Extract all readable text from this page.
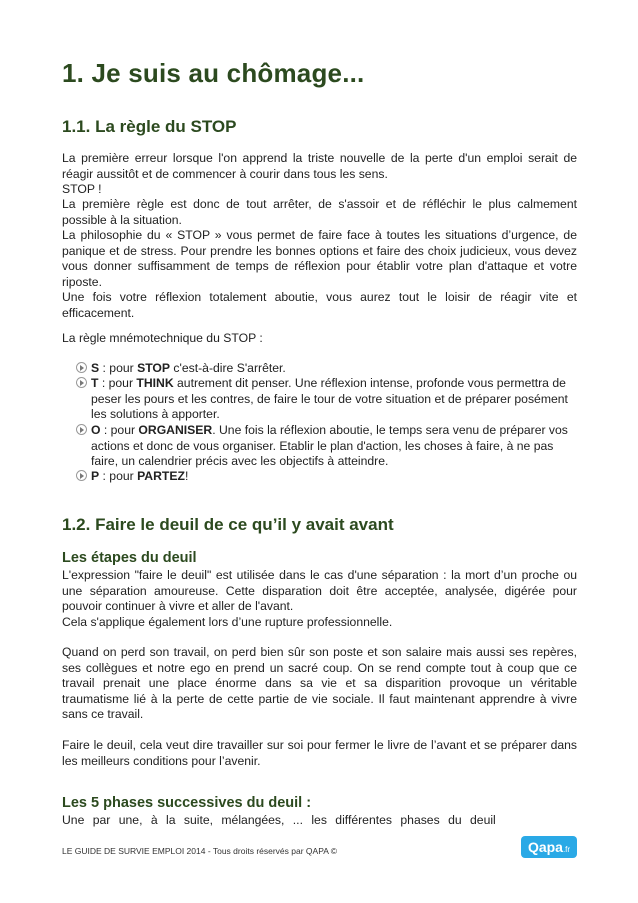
1. Je suis au chômage...
1.1. La règle du STOP
La première erreur lorsque l'on apprend la triste nouvelle de la perte d'un emploi serait de réagir aussitôt et de commencer à courir dans tous les sens.
STOP !
La première règle est donc de tout arrêter, de s'assoir et de réfléchir le plus calmement possible à la situation.
La philosophie du « STOP » vous permet de faire face à toutes les situations d’urgence, de panique et de stress. Pour prendre les bonnes options et faire des choix judicieux, vous devez vous donner suffisamment de temps de réflexion pour établir votre plan d'attaque et votre riposte.
Une fois votre réflexion totalement aboutie, vous aurez tout le loisir de réagir vite et efficacement.
La règle mnémotechnique du STOP :
S : pour STOP c'est-à-dire S'arrêter.
T : pour THINK autrement dit penser. Une réflexion intense, profonde vous permettra de peser les pours et les contres, de faire le tour de votre situation et de préparer posément les solutions à apporter.
O : pour ORGANISER. Une fois la réflexion aboutie, le temps sera venu de préparer vos actions et donc de vous organiser. Etablir le plan d'action, les choses à faire, à ne pas faire, un calendrier précis avec les objectifs à atteindre.
P : pour PARTEZ!
1.2. Faire le deuil de ce qu’il y avait avant
Les étapes du deuil
L'expression "faire le deuil" est utilisée dans le cas d'une séparation : la mort d’un proche ou une séparation amoureuse. Cette disparation doit être acceptée, analysée, digérée pour pouvoir continuer à vivre et aller de l'avant.
Cela s'applique également lors d’une rupture professionnelle.
Quand on perd son travail, on perd bien sûr son poste et son salaire mais aussi ses repères, ses collègues et notre ego en prend un sacré coup. On se rend compte tout à coup que ce travail prenait une place énorme dans sa vie et sa disparition provoque un véritable traumatisme lié à la perte de cette partie de vie sociale. Il faut maintenant apprendre à vivre sans ce travail.
Faire le deuil, cela veut dire travailler sur soi pour fermer le livre de l’avant et se préparer dans les meilleurs conditions pour l’avenir.
Les 5 phases successives du deuil :
Une par une, à la suite, mélangées, ... les différentes phases du deuil
LE GUIDE DE SURVIE EMPLOI 2014 - Tous droits réservés par QAPA ©	Qapa.fr
